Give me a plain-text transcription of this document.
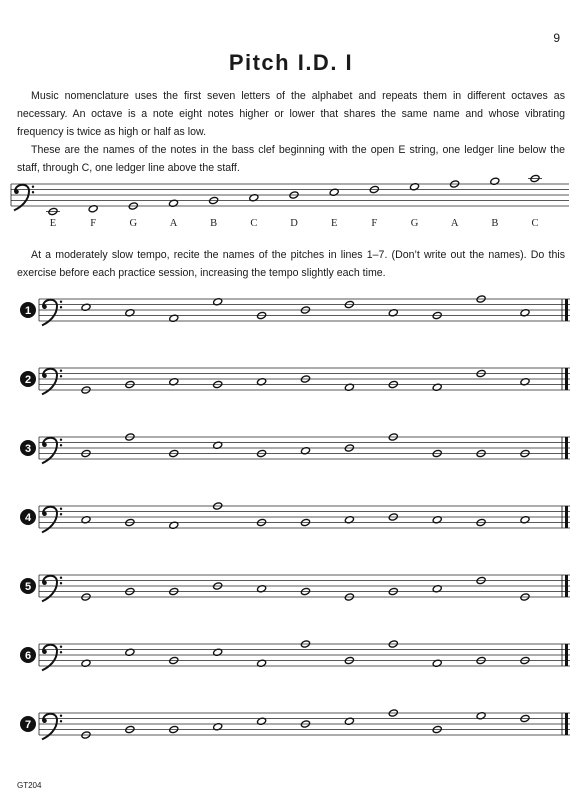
9
Pitch I.D. I

Music nomenclature uses the first seven letters of the alphabet and repeats them in different octaves as necessary. An octave is a note eight notes higher or lower that shares the same name and whose vibrating frequency is twice as high or half as low.

These are the names of the notes in the bass clef beginning with the open E string, one ledger line below the staff, through C, one ledger line above the staff.

E	F	G	A	B	C	D	E	F	G	A	B	C

At a moderately slow tempo, recite the names of the pitches in lines 1–7. (Don’t write out the names). Do this exercise before each practice session, increasing the tempo slightly each time.

1
2
3
4
5
6
7
GT204
